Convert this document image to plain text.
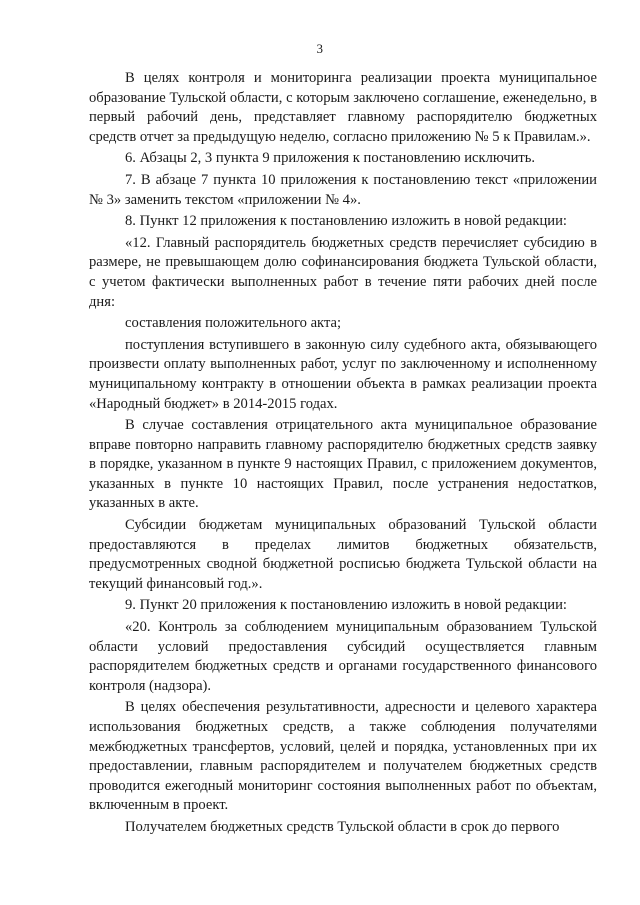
3

В целях контроля и мониторинга реализации проекта муниципальное образование Тульской области, с которым заключено соглашение, еженедельно, в первый рабочий день, представляет главному распорядителю бюджетных средств отчет за предыдущую неделю, согласно приложению № 5 к Правилам.».

6. Абзацы 2, 3 пункта 9 приложения к постановлению исключить.

7. В абзаце 7 пункта 10 приложения к постановлению текст «приложении № 3» заменить текстом «приложении № 4».

8. Пункт 12 приложения к постановлению изложить в новой редакции:

«12. Главный распорядитель бюджетных средств перечисляет субсидию в размере, не превышающем долю софинансирования бюджета Тульской области, с учетом фактически выполненных работ в течение пяти рабочих дней после дня:

составления положительного акта;

поступления вступившего в законную силу судебного акта, обязывающего произвести оплату выполненных работ, услуг по заключенному и исполненному муниципальному контракту в отношении объекта в рамках реализации проекта «Народный бюджет» в 2014-2015 годах.

В случае составления отрицательного акта муниципальное образование вправе повторно направить главному распорядителю бюджетных средств заявку в порядке, указанном в пункте 9 настоящих Правил, с приложением документов, указанных в пункте 10 настоящих Правил, после устранения недостатков, указанных в акте.

Субсидии бюджетам муниципальных образований Тульской области предоставляются в пределах лимитов бюджетных обязательств, предусмотренных сводной бюджетной росписью бюджета Тульской области на текущий финансовый год.».

9. Пункт 20 приложения к постановлению изложить в новой редакции:

«20. Контроль за соблюдением муниципальным образованием Тульской области условий предоставления субсидий осуществляется главным распорядителем бюджетных средств и органами государственного финансового контроля (надзора).

В целях обеспечения результативности, адресности и целевого характера использования бюджетных средств, а также соблюдения получателями межбюджетных трансфертов, условий, целей и порядка, установленных при их предоставлении, главным распорядителем и получателем бюджетных средств проводится ежегодный мониторинг состояния выполненных работ по объектам, включенным в проект.

Получателем бюджетных средств Тульской области в срок до первого
